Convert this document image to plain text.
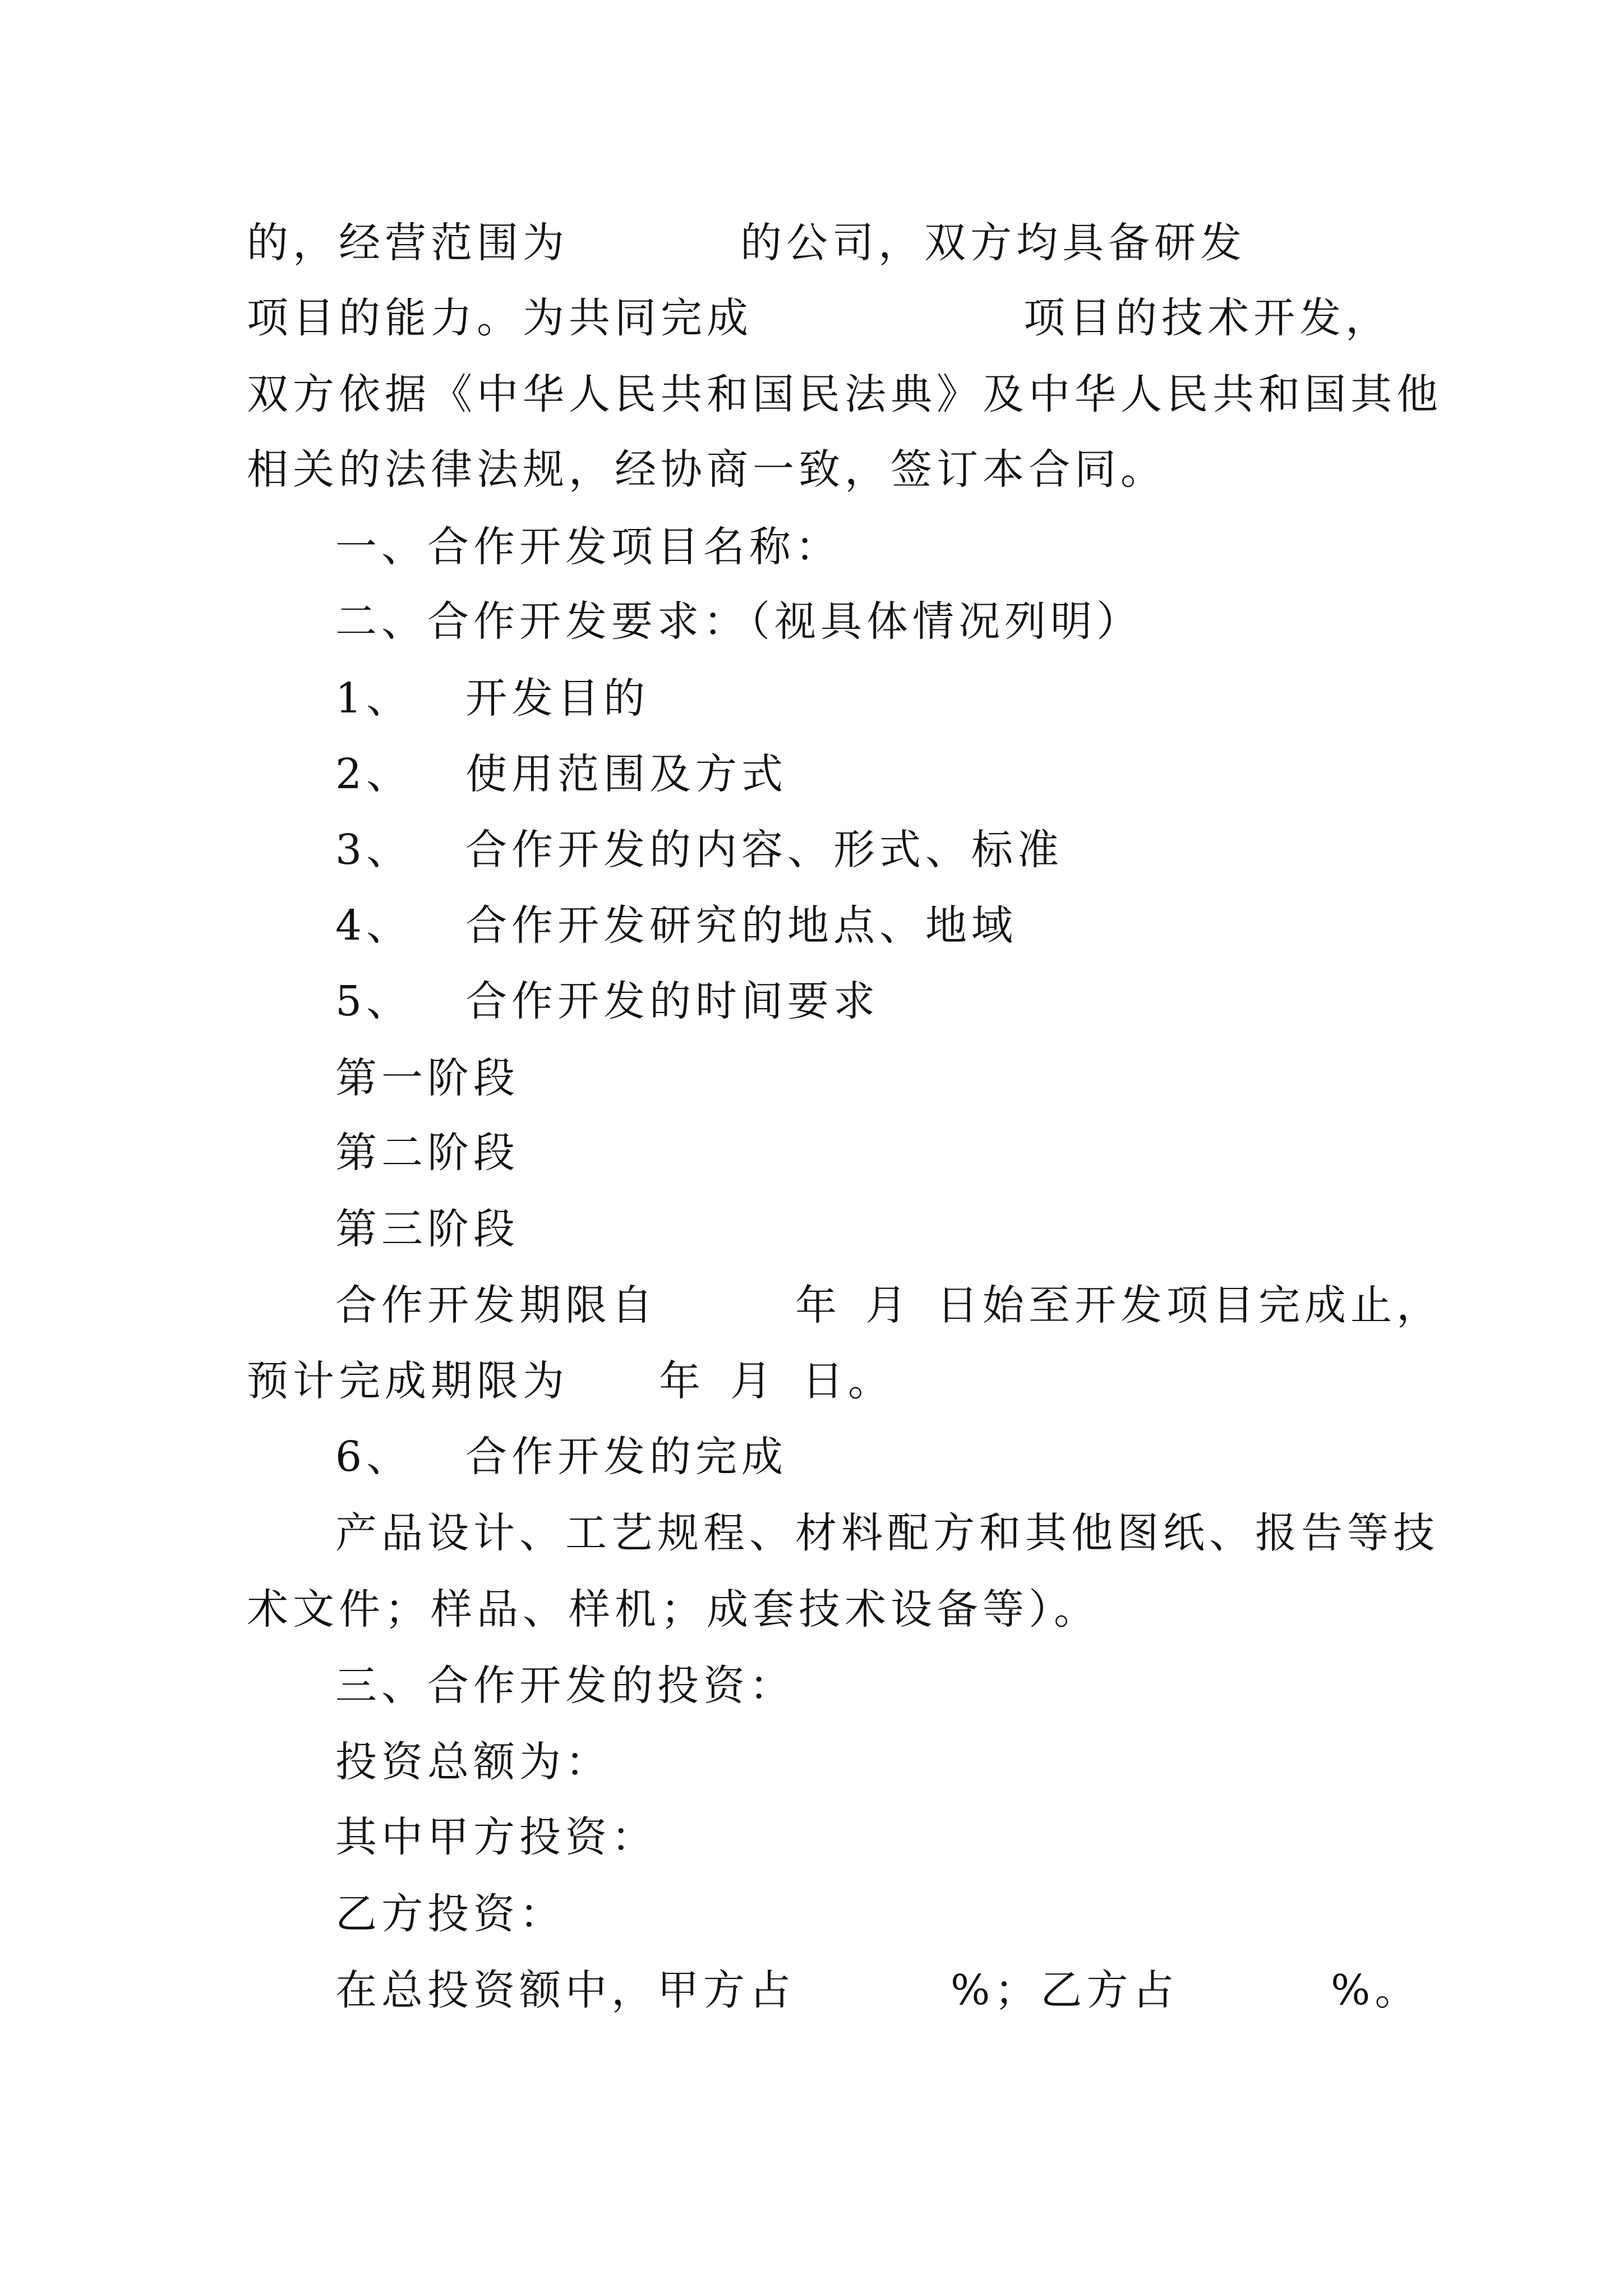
的，经营范围为	的公司，双方均具备研发
项目的能力。为共同完成	项目的技术开发，
双方依据《中华人民共和国民法典》及中华人民共和国其他
相关的法律法规，经协商一致，签订本合同。
一、合作开发项目名称：
二、合作开发要求：（视具体情况列明）
1、 开发目的
2、 使用范围及方式
3、 合作开发的内容、形式、标准
4、 合作开发研究的地点、地域
5、 合作开发的时间要求
第一阶段
第二阶段
第三阶段
合作开发期限自	年 月 日始至开发项目完成止，
预计完成期限为 年 月 日。
6、 合作开发的完成
产品设计、工艺规程、材料配方和其他图纸、报告等技
术文件；样品、样机；成套技术设备等）。
三、合作开发的投资：
投资总额为：
其中甲方投资：
乙方投资：
在总投资额中，甲方占	%；乙方占	%。
